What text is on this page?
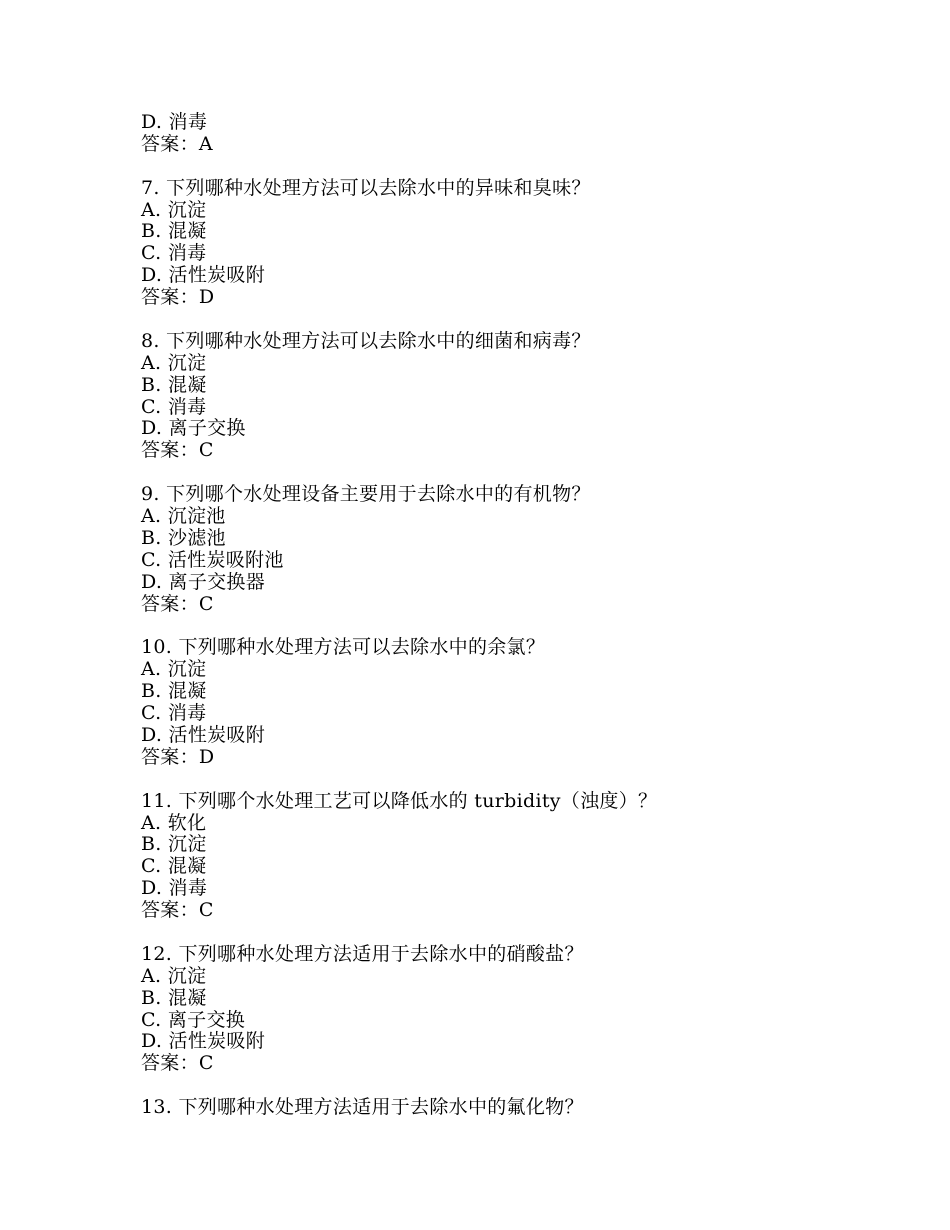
D. 消毒
答案：A
7. 下列哪种水处理方法可以去除水中的异味和臭味？
A. 沉淀
B. 混凝
C. 消毒
D. 活性炭吸附
答案：D
8. 下列哪种水处理方法可以去除水中的细菌和病毒？
A. 沉淀
B. 混凝
C. 消毒
D. 离子交换
答案：C
9. 下列哪个水处理设备主要用于去除水中的有机物？
A. 沉淀池
B. 沙滤池
C. 活性炭吸附池
D. 离子交换器
答案：C
10. 下列哪种水处理方法可以去除水中的余氯？
A. 沉淀
B. 混凝
C. 消毒
D. 活性炭吸附
答案：D
11. 下列哪个水处理工艺可以降低水的 turbidity（浊度）？
A. 软化
B. 沉淀
C. 混凝
D. 消毒
答案：C
12. 下列哪种水处理方法适用于去除水中的硝酸盐？
A. 沉淀
B. 混凝
C. 离子交换
D. 活性炭吸附
答案：C
13. 下列哪种水处理方法适用于去除水中的氟化物？
